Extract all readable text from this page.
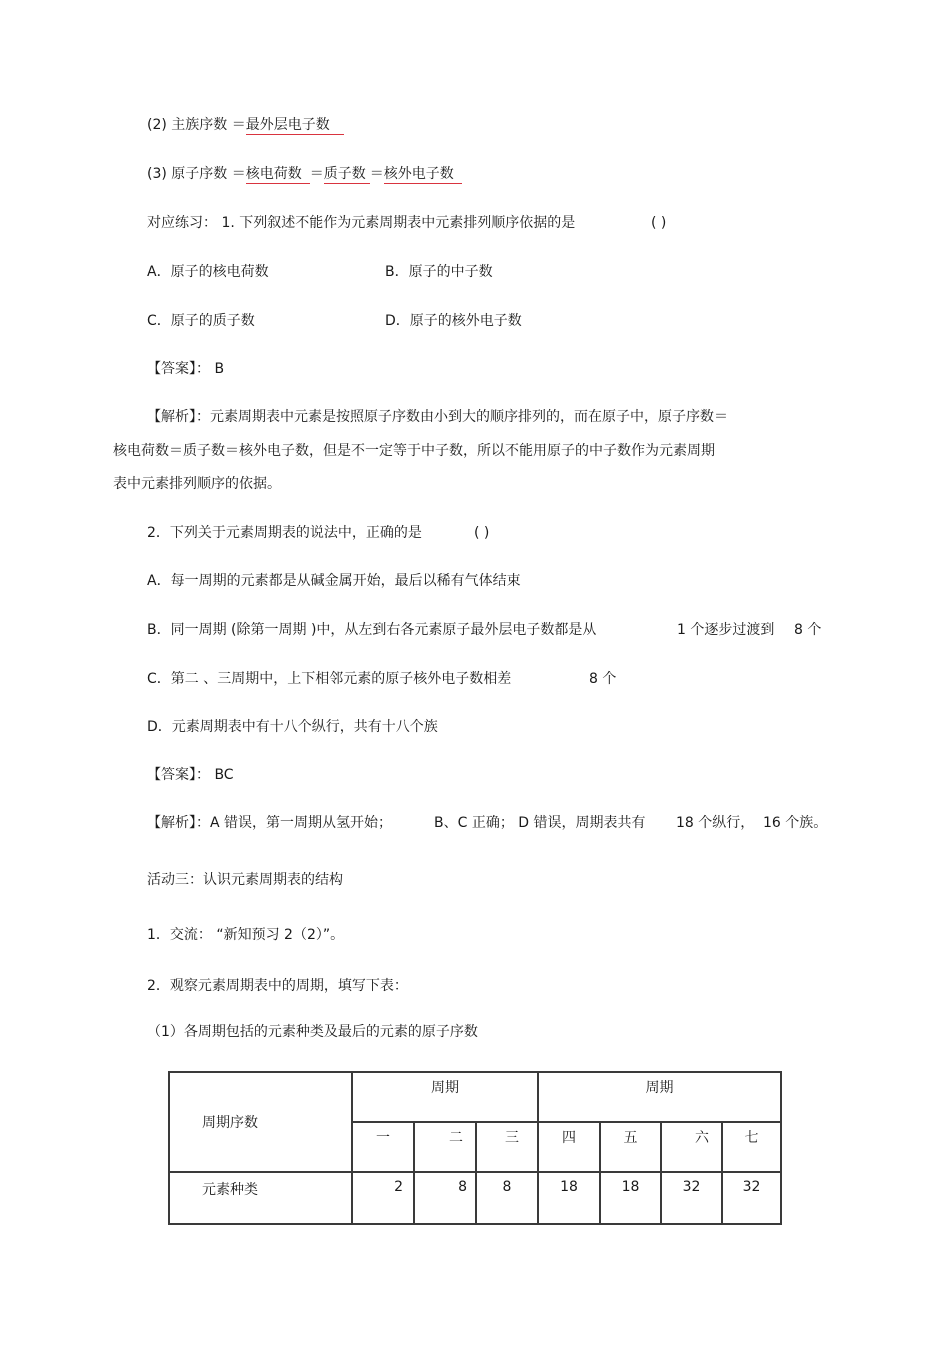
(2) 主族序数 ＝最外层电子数
(3) 原子序数 ＝核电荷数 ＝质子数 ＝核外电子数
对应练习： 1. 下列叙述不能作为元素周期表中元素排列顺序依据的是	( )
A．原子的核电荷数	B．原子的中子数
C．原子的质子数	D．原子的核外电子数
【答案】： B
【解析】：元素周期表中元素是按照原子序数由小到大的顺序排列的，而在原子中，原子序数＝
核电荷数＝质子数＝核外电子数，但是不一定等于中子数，所以不能用原子的中子数作为元素周期
表中元素排列顺序的依据。
2．下列关于元素周期表的说法中，正确的是	( )
A．每一周期的元素都是从碱金属开始，最后以稀有气体结束
B．同一周期 (除第一周期 )中，从左到右各元素原子最外层电子数都是从	1 个逐步过渡到 8 个
C．第二 、三周期中，上下相邻元素的原子核外电子数相差	8 个
D．元素周期表中有十八个纵行，共有十八个族
【答案】： BC
【解析】：A 错误，第一周期从氢开始；	B、C 正确； D 错误，周期表共有 18 个纵行， 16 个族。
活动三：认识元素周期表的结构
1．交流： “新知预习 2（2）”。
2．观察元素周期表中的周期，填写下表：
（1）各周期包括的元素种类及最后的元素的原子序数
周期序数	周期			周期			
	一	二	三	四	五	六	七

元素种类	2	8	8	18	18	32	32
